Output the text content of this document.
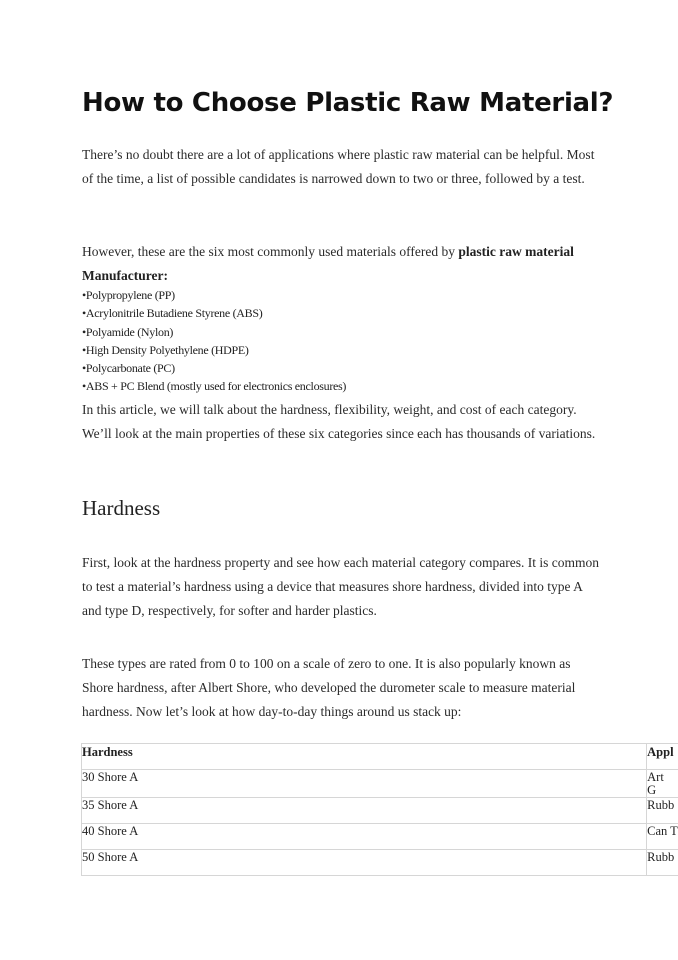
How to Choose Plastic Raw Material?

There’s no doubt there are a lot of applications where plastic raw material can be helpful. Most of the time, a list of possible candidates is narrowed down to two or three, followed by a test.

However, these are the six most commonly used materials offered by plastic raw material Manufacturer:

•Polypropylene (PP)
•Acrylonitrile Butadiene Styrene (ABS)
•Polyamide (Nylon)
•High Density Polyethylene (HDPE)
•Polycarbonate (PC)
•ABS + PC Blend (mostly used for electronics enclosures)

In this article, we will talk about the hardness, flexibility, weight, and cost of each category. We’ll look at the main properties of these six categories since each has thousands of variations.

Hardness

First, look at the hardness property and see how each material category compares. It is common to test a material’s hardness using a device that measures shore hardness, divided into type A and type D, respectively, for softer and harder plastics.

These types are rated from 0 to 100 on a scale of zero to one. It is also popularly known as Shore hardness, after Albert Shore, who developed the durometer scale to measure material hardness. Now let’s look at how day-to-day things around us stack up:

Hardness	Appl
30 Shore A	Art
G
35 Shore A	Rubb
40 Shore A	Can T
50 Shore A	Rubb
